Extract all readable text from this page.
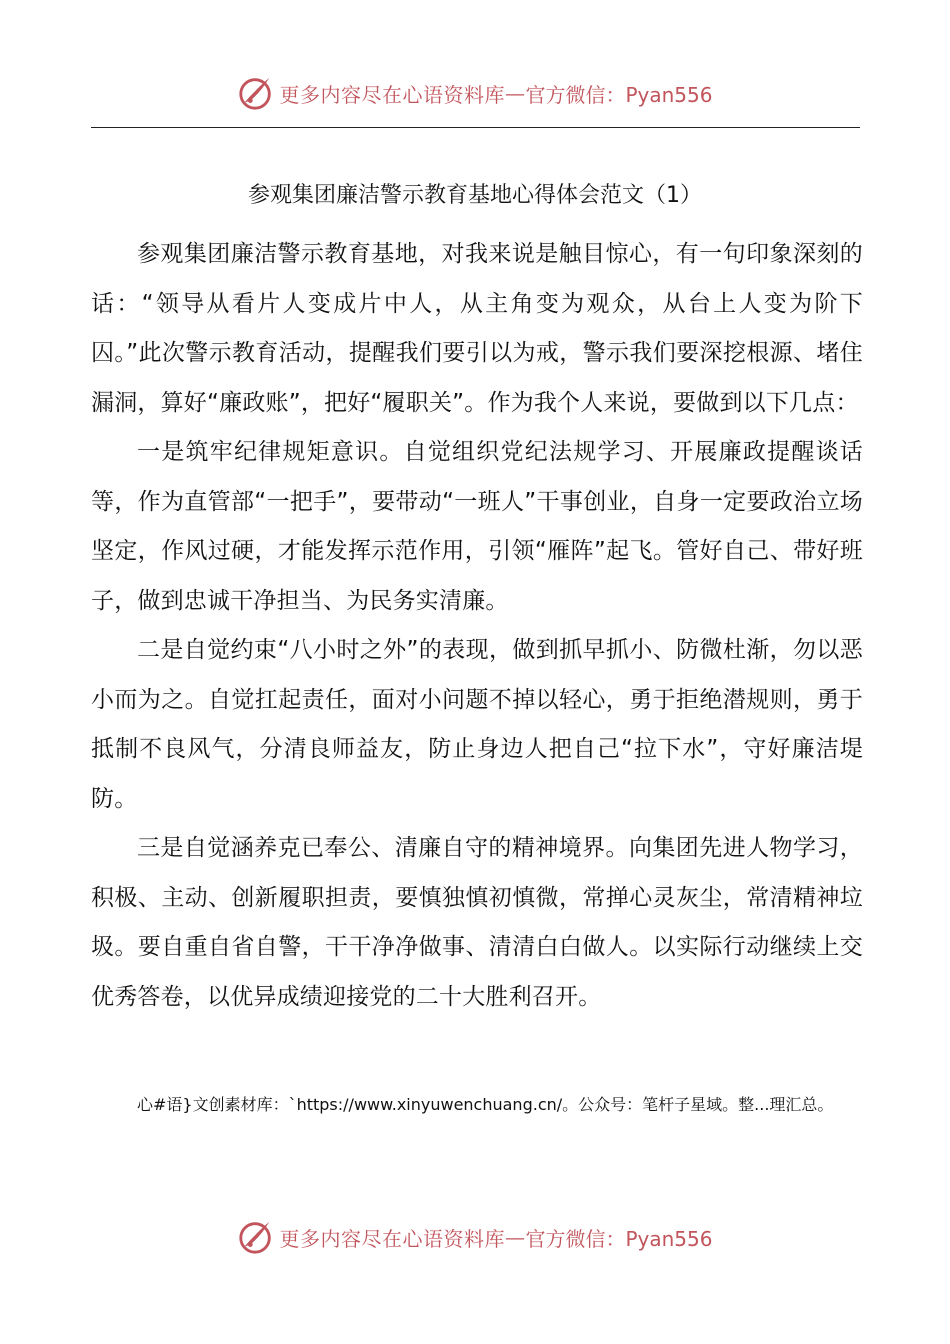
更多内容尽在心语资料库 — 官方微信：Pyan556
参观集团廉洁警示教育基地心得体会范文（1）

参观集团廉洁警示教育基地，对我来说是触目惊心，有一句印象深刻的话：“领导从看片人变成片中人，从主角变为观众，从台上人变为阶下囚。”此次警示教育活动，提醒我们要引以为戒，警示我们要深挖根源、堵住漏洞，算好“廉政账”，把好“履职关”。作为我个人来说，要做到以下几点：

一是筑牢纪律规矩意识。自觉组织党纪法规学习、开展廉政提醒谈话等，作为直管部“一把手”，要带动“一班人”干事创业，自身一定要政治立场坚定，作风过硬，才能发挥示范作用，引领“雁阵”起飞。管好自己、带好班子，做到忠诚干净担当、为民务实清廉。

二是自觉约束“八小时之外”的表现，做到抓早抓小、防微杜渐，勿以恶小而为之。自觉扛起责任，面对小问题不掉以轻心，勇于拒绝潜规则，勇于抵制不良风气，分清良师益友，防止身边人把自己“拉下水”，守好廉洁堤防。

三是自觉涵养克已奉公、清廉自守的精神境界。向集团先进人物学习，积极、主动、创新履职担责，要慎独慎初慎微，常掸心灵灰尘，常清精神垃圾。要自重自省自警，干干净净做事、清清白白做人。以实际行动继续上交优秀答卷，以优异成绩迎接党的二十大胜利召开。

心#语}文创素材库：`https://www.xinyuwenchuang.cn/。公众号：笔杆子星域。整...理汇总。

更多内容尽在心语资料库 — 官方微信：Pyan556
